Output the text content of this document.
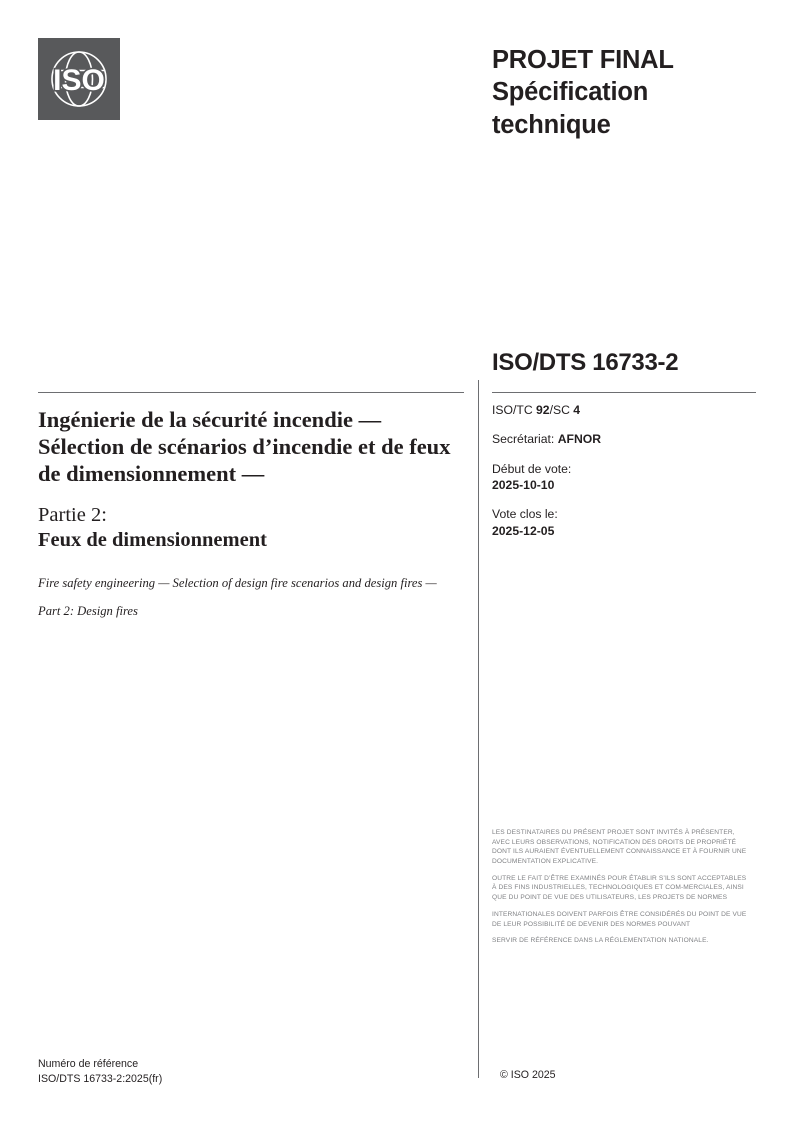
ISO
PROJET FINAL
Spécification
technique
ISO/DTS 16733-2

Ingénierie de la sécurité incendie — Sélection de scénarios d’incendie et de feux de dimensionnement —

Partie 2:

Feux de dimensionnement

Fire safety engineering — Selection of design fire scenarios and design fires —

Part 2: Design fires

ISO/TC 92/SC 4
Secrétariat: AFNOR
Début de vote:
2025-10-10
Vote clos le:
2025-12-05

LES DESTINATAIRES DU PRÉSENT PROJET SONT INVITÉS À PRÉSENTER, AVEC LEURS OBSERVATIONS, NOTIFICATION DES DROITS DE PROPRIÉTÉ DONT ILS AURAIENT ÉVENTUELLEMENT CONNAISSANCE ET À FOURNIR UNE DOCUMENTATION EXPLICATIVE.

OUTRE LE FAIT D’ÊTRE EXAMINÉS POUR ÉTABLIR S’ILS SONT ACCEPTABLES À DES FINS INDUSTRIELLES, TECHNOLOGIQUES ET COM-MERCIALES, AINSI QUE DU POINT DE VUE DES UTILISATEURS, LES PROJETS DE NORMES

INTERNATIONALES DOIVENT PARFOIS ÊTRE CONSIDÉRÉS DU POINT DE VUE DE LEUR POSSIBILITÉ DE DEVENIR DES NORMES POUVANT

SERVIR DE RÉFÉRENCE DANS LA RÉGLEMENTATION NATIONALE.

Numéro de référence
ISO/DTS 16733-2:2025(fr)	© ISO 2025
